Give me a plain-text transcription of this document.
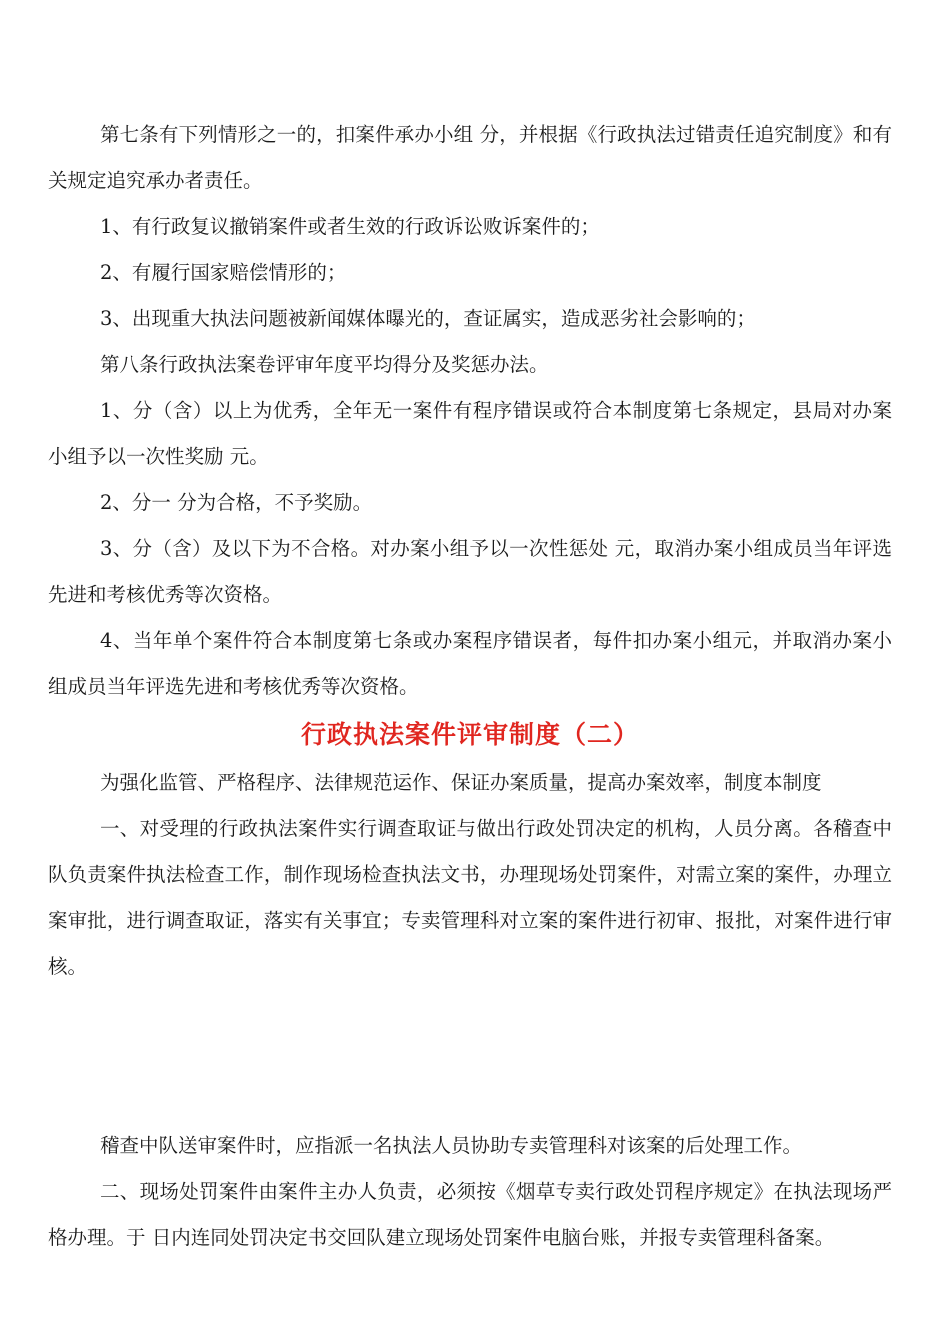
第七条有下列情形之一的，扣案件承办小组 分，并根据《行政执法过错责任追究制度》和有关规定追究承办者责任。

1、有行政复议撤销案件或者生效的行政诉讼败诉案件的；

2、有履行国家赔偿情形的；

3、出现重大执法问题被新闻媒体曝光的，查证属实，造成恶劣社会影响的；

第八条行政执法案卷评审年度平均得分及奖惩办法。

1、分（含）以上为优秀，全年无一案件有程序错误或符合本制度第七条规定，县局对办案小组予以一次性奖励 元。

2、分一 分为合格，不予奖励。

3、分（含）及以下为不合格。对办案小组予以一次性惩处 元，取消办案小组成员当年评选先进和考核优秀等次资格。

4、当年单个案件符合本制度第七条或办案程序错误者，每件扣办案小组元，并取消办案小组成员当年评选先进和考核优秀等次资格。

行政执法案件评审制度（二）

为强化监管、严格程序、法律规范运作、保证办案质量，提高办案效率，制度本制度

一、对受理的行政执法案件实行调查取证与做出行政处罚决定的机构，人员分离。各稽查中队负责案件执法检查工作，制作现场检查执法文书，办理现场处罚案件，对需立案的案件，办理立案审批，进行调查取证，落实有关事宜；专卖管理科对立案的案件进行初审、报批，对案件进行审核。

稽查中队送审案件时，应指派一名执法人员协助专卖管理科对该案的后处理工作。

二、现场处罚案件由案件主办人负责，必须按《烟草专卖行政处罚程序规定》在执法现场严格办理。于 日内连同处罚决定书交回队建立现场处罚案件电脑台账，并报专卖管理科备案。
